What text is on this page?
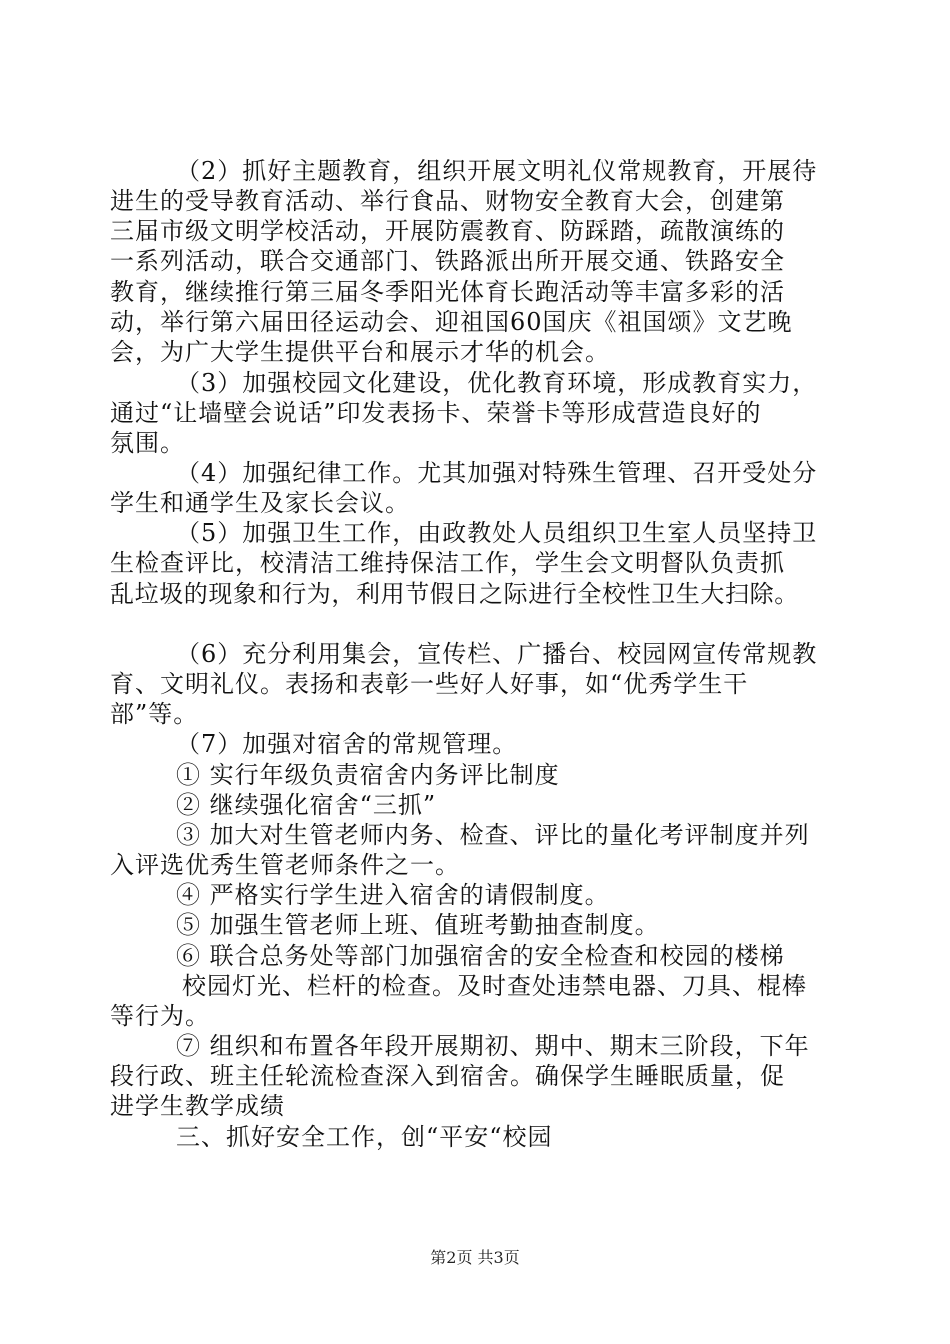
（2）抓好主题教育，组织开展文明礼仪常规教育，开展待
进生的受导教育活动、举行食品、财物安全教育大会，创建第
三届市级文明学校活动，开展防震教育、防踩踏，疏散演练的
一系列活动，联合交通部门、铁路派出所开展交通、铁路安全
教育，继续推行第三届冬季阳光体育长跑活动等丰富多彩的活
动，举行第六届田径运动会、迎祖国60国庆《祖国颂》文艺晚
会，为广大学生提供平台和展示才华的机会。
（3）加强校园文化建设，优化教育环境，形成教育实力，
通过“让墙壁会说话”印发表扬卡、荣誉卡等形成营造良好的
氛围。
（4）加强纪律工作。尤其加强对特殊生管理、召开受处分
学生和通学生及家长会议。
（5）加强卫生工作，由政教处人员组织卫生室人员坚持卫
生检查评比，校清洁工维持保洁工作，学生会文明督队负责抓
乱垃圾的现象和行为，利用节假日之际进行全校性卫生大扫除。
（6）充分利用集会，宣传栏、广播台、校园网宣传常规教
育、文明礼仪。表扬和表彰一些好人好事，如“优秀学生干
部”等。
（7）加强对宿舍的常规管理。
① 实行年级负责宿舍内务评比制度
② 继续强化宿舍“三抓”
③ 加大对生管老师内务、检查、评比的量化考评制度并列
入评选优秀生管老师条件之一。
④ 严格实行学生进入宿舍的请假制度。
⑤ 加强生管老师上班、值班考勤抽查制度。
⑥ 联合总务处等部门加强宿舍的安全检查和校园的楼梯
校园灯光、栏杆的检查。及时查处违禁电器、刀具、棍棒
等行为。
⑦ 组织和布置各年段开展期初、期中、期末三阶段，下年
段行政、班主任轮流检查深入到宿舍。确保学生睡眠质量，促
进学生教学成绩
三、抓好安全工作，创“平安“校园
第2页 共3页
